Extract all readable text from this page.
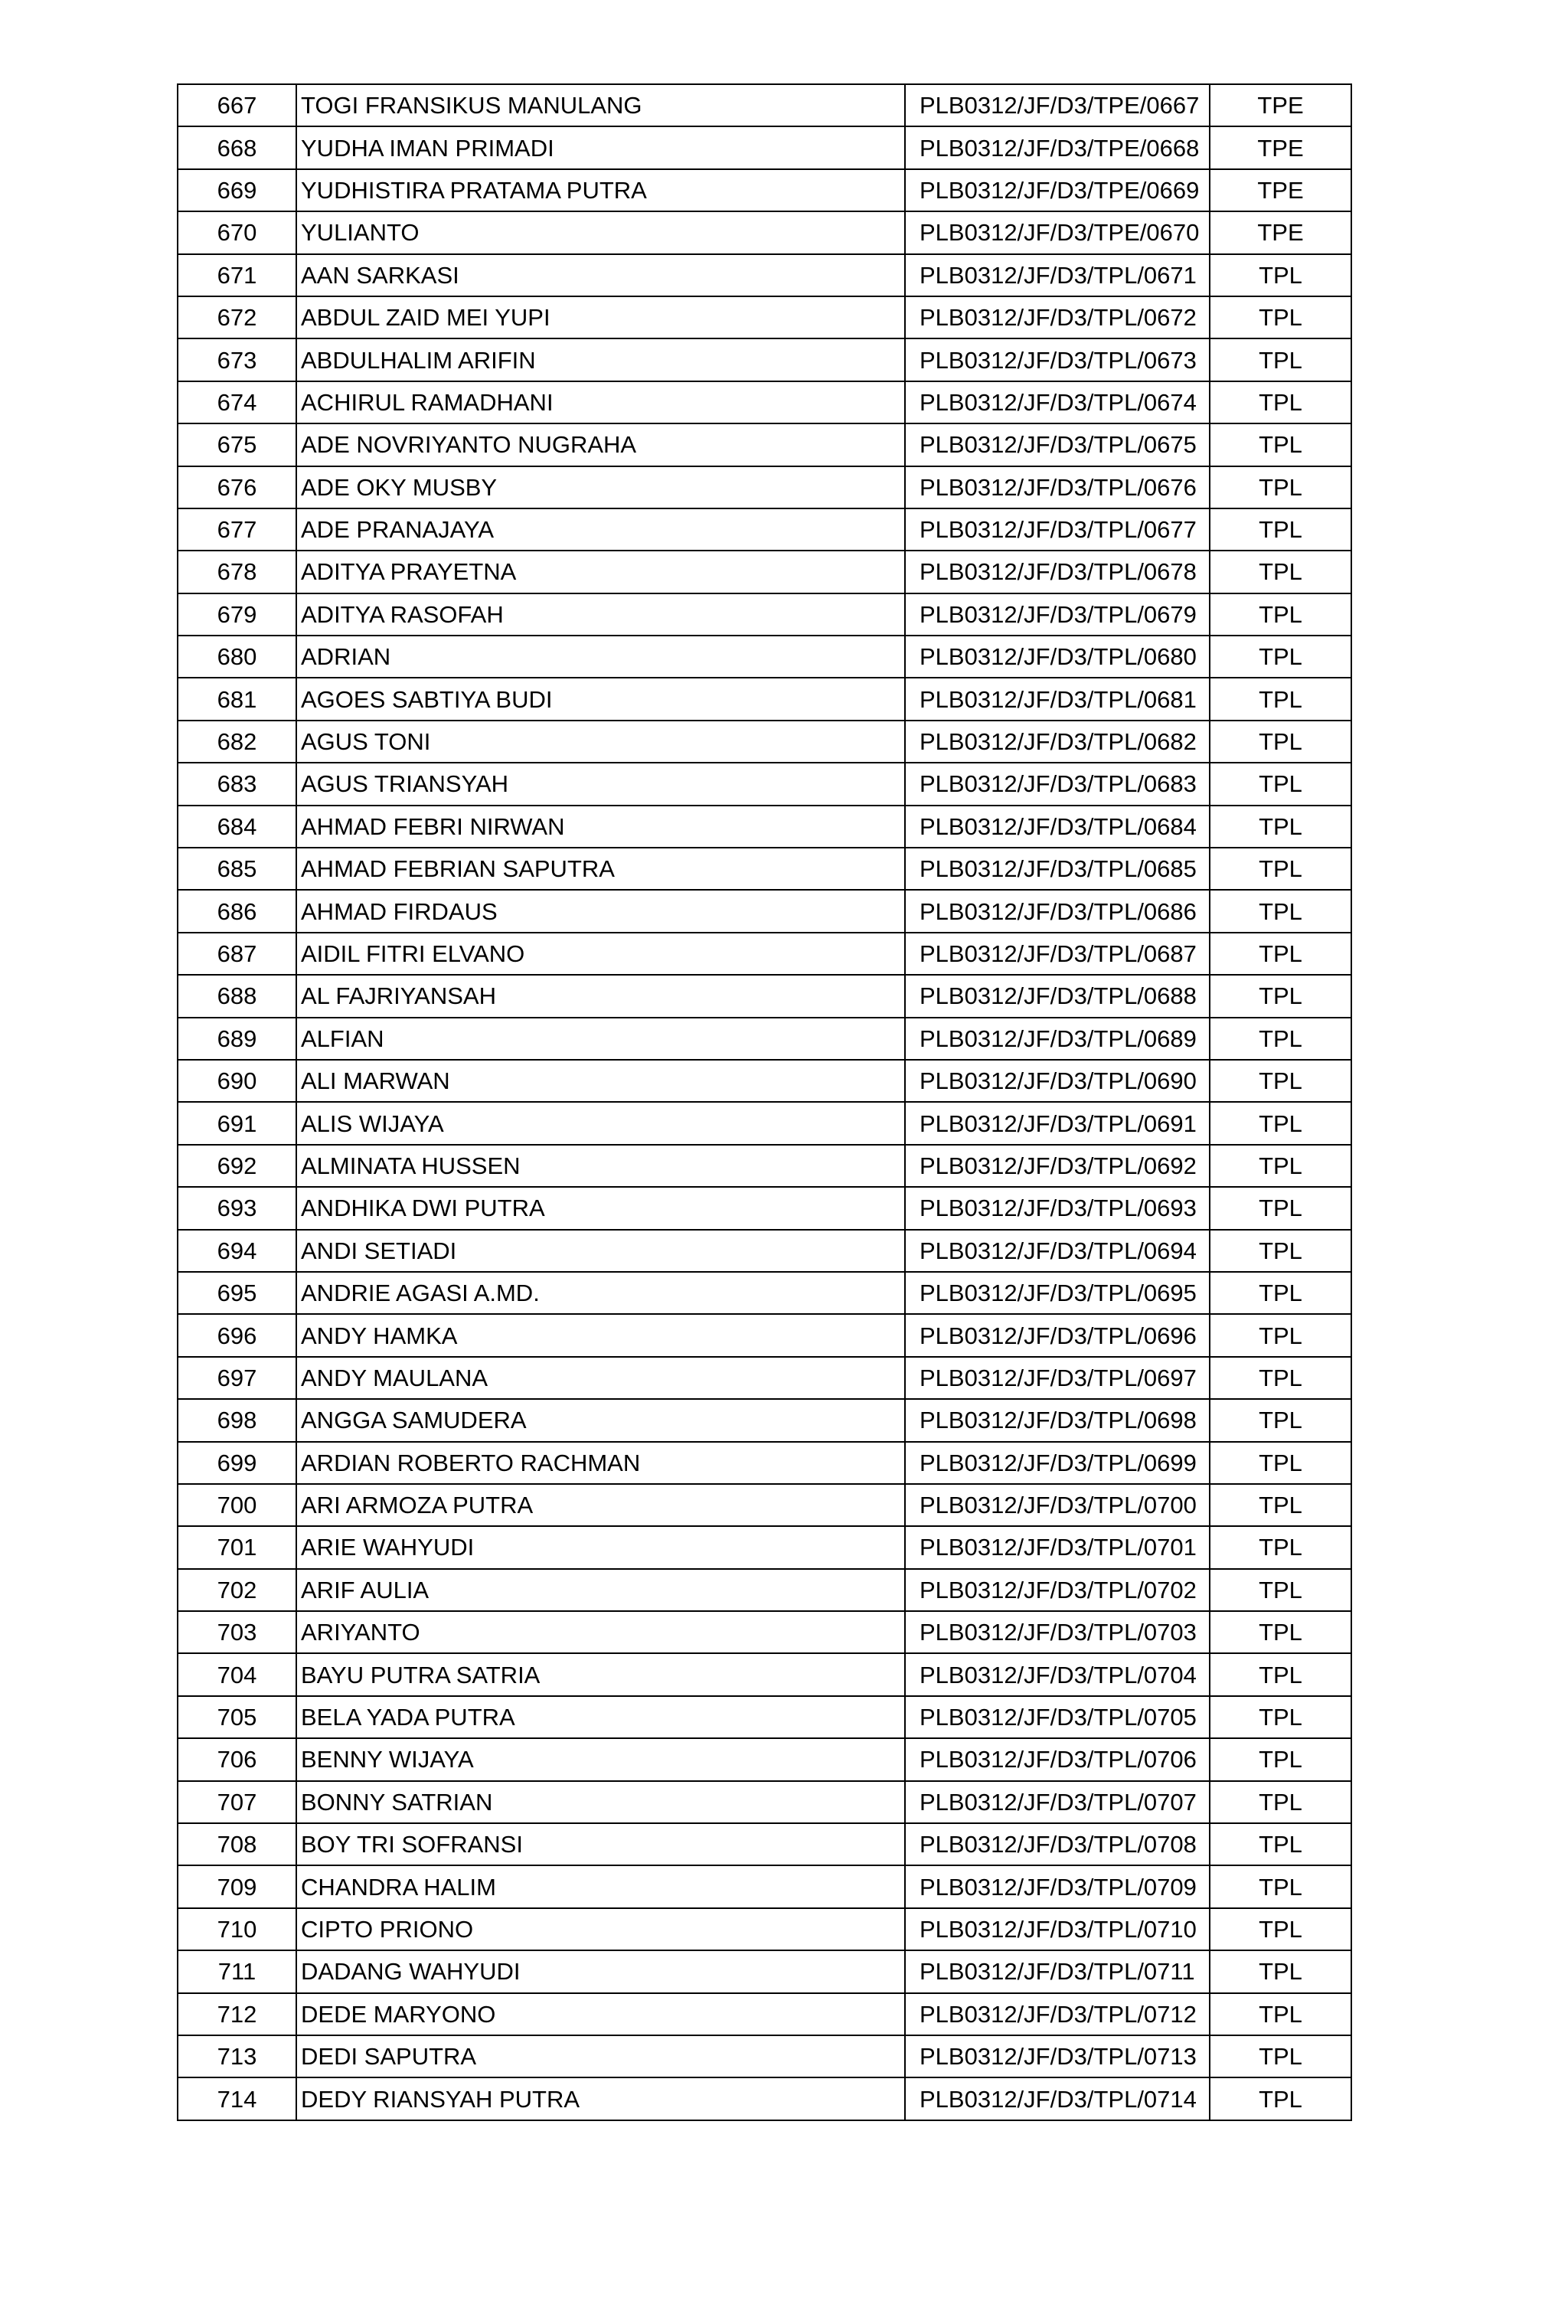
667	TOGI FRANSIKUS MANULANG	PLB0312/JF/D3/TPE/0667	TPE
668	YUDHA IMAN PRIMADI	PLB0312/JF/D3/TPE/0668	TPE
669	YUDHISTIRA PRATAMA PUTRA	PLB0312/JF/D3/TPE/0669	TPE
670	YULIANTO	PLB0312/JF/D3/TPE/0670	TPE
671	AAN SARKASI	PLB0312/JF/D3/TPL/0671	TPL
672	ABDUL ZAID MEI YUPI	PLB0312/JF/D3/TPL/0672	TPL
673	ABDULHALIM ARIFIN	PLB0312/JF/D3/TPL/0673	TPL
674	ACHIRUL RAMADHANI	PLB0312/JF/D3/TPL/0674	TPL
675	ADE NOVRIYANTO NUGRAHA	PLB0312/JF/D3/TPL/0675	TPL
676	ADE OKY MUSBY	PLB0312/JF/D3/TPL/0676	TPL
677	ADE PRANAJAYA	PLB0312/JF/D3/TPL/0677	TPL
678	ADITYA PRAYETNA	PLB0312/JF/D3/TPL/0678	TPL
679	ADITYA RASOFAH	PLB0312/JF/D3/TPL/0679	TPL
680	ADRIAN	PLB0312/JF/D3/TPL/0680	TPL
681	AGOES SABTIYA BUDI	PLB0312/JF/D3/TPL/0681	TPL
682	AGUS TONI	PLB0312/JF/D3/TPL/0682	TPL
683	AGUS TRIANSYAH	PLB0312/JF/D3/TPL/0683	TPL
684	AHMAD FEBRI NIRWAN	PLB0312/JF/D3/TPL/0684	TPL
685	AHMAD FEBRIAN SAPUTRA	PLB0312/JF/D3/TPL/0685	TPL
686	AHMAD FIRDAUS	PLB0312/JF/D3/TPL/0686	TPL
687	AIDIL FITRI ELVANO	PLB0312/JF/D3/TPL/0687	TPL
688	AL FAJRIYANSAH	PLB0312/JF/D3/TPL/0688	TPL
689	ALFIAN	PLB0312/JF/D3/TPL/0689	TPL
690	ALI MARWAN	PLB0312/JF/D3/TPL/0690	TPL
691	ALIS WIJAYA	PLB0312/JF/D3/TPL/0691	TPL
692	ALMINATA HUSSEN	PLB0312/JF/D3/TPL/0692	TPL
693	ANDHIKA DWI PUTRA	PLB0312/JF/D3/TPL/0693	TPL
694	ANDI SETIADI	PLB0312/JF/D3/TPL/0694	TPL
695	ANDRIE AGASI A.MD.	PLB0312/JF/D3/TPL/0695	TPL
696	ANDY HAMKA	PLB0312/JF/D3/TPL/0696	TPL
697	ANDY MAULANA	PLB0312/JF/D3/TPL/0697	TPL
698	ANGGA SAMUDERA	PLB0312/JF/D3/TPL/0698	TPL
699	ARDIAN ROBERTO RACHMAN	PLB0312/JF/D3/TPL/0699	TPL
700	ARI ARMOZA PUTRA	PLB0312/JF/D3/TPL/0700	TPL
701	ARIE WAHYUDI	PLB0312/JF/D3/TPL/0701	TPL
702	ARIF AULIA	PLB0312/JF/D3/TPL/0702	TPL
703	ARIYANTO	PLB0312/JF/D3/TPL/0703	TPL
704	BAYU PUTRA SATRIA	PLB0312/JF/D3/TPL/0704	TPL
705	BELA YADA PUTRA	PLB0312/JF/D3/TPL/0705	TPL
706	BENNY WIJAYA	PLB0312/JF/D3/TPL/0706	TPL
707	BONNY SATRIAN	PLB0312/JF/D3/TPL/0707	TPL
708	BOY TRI SOFRANSI	PLB0312/JF/D3/TPL/0708	TPL
709	CHANDRA HALIM	PLB0312/JF/D3/TPL/0709	TPL
710	CIPTO PRIONO	PLB0312/JF/D3/TPL/0710	TPL
711	DADANG WAHYUDI	PLB0312/JF/D3/TPL/0711	TPL
712	DEDE MARYONO	PLB0312/JF/D3/TPL/0712	TPL
713	DEDI SAPUTRA	PLB0312/JF/D3/TPL/0713	TPL
714	DEDY RIANSYAH PUTRA	PLB0312/JF/D3/TPL/0714	TPL
